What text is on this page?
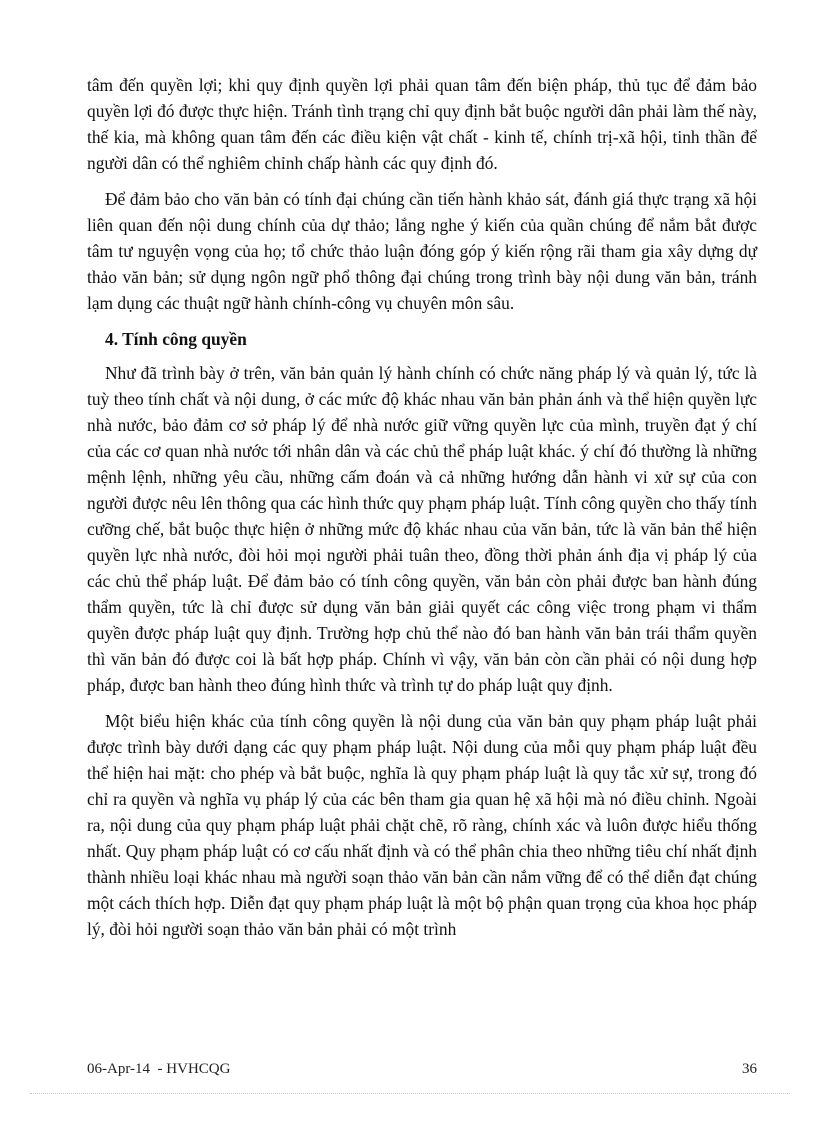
tâm đến quyền lợi; khi quy định quyền lợi phải quan tâm đến biện pháp, thủ tục để đảm bảo quyền lợi đó được thực hiện. Tránh tình trạng chỉ quy định bắt buộc người dân phải làm thế này, thế kia, mà không quan tâm đến các điều kiện vật chất - kinh tế, chính trị-xã hội, tinh thần để người dân có thể nghiêm chỉnh chấp hành các quy định đó.

Để đảm bảo cho văn bản có tính đại chúng cần tiến hành khảo sát, đánh giá thực trạng xã hội liên quan đến nội dung chính của dự thảo; lắng nghe ý kiến của quần chúng để nắm bắt được tâm tư nguyện vọng của họ; tổ chức thảo luận đóng góp ý kiến rộng rãi tham gia xây dựng dự thảo văn bản; sử dụng ngôn ngữ phổ thông đại chúng trong trình bày nội dung văn bản, tránh lạm dụng các thuật ngữ hành chính-công vụ chuyên môn sâu.

4. Tính công quyền

Như đã trình bày ở trên, văn bản quản lý hành chính có chức năng pháp lý và quản lý, tức là tuỳ theo tính chất và nội dung, ở các mức độ khác nhau văn bản phản ánh và thể hiện quyền lực nhà nước, bảo đảm cơ sở pháp lý để nhà nước giữ vững quyền lực của mình, truyền đạt ý chí của các cơ quan nhà nước tới nhân dân và các chủ thể pháp luật khác. ý chí đó thường là những mệnh lệnh, những yêu cầu, những cấm đoán và cả những hướng dẫn hành vi xử sự của con người được nêu lên thông qua các hình thức quy phạm pháp luật. Tính công quyền cho thấy tính cưỡng chế, bắt buộc thực hiện ở những mức độ khác nhau của văn bản, tức là văn bản thể hiện quyền lực nhà nước, đòi hỏi mọi người phải tuân theo, đồng thời phản ánh địa vị pháp lý của các chủ thể pháp luật. Để đảm bảo có tính công quyền, văn bản còn phải được ban hành đúng thẩm quyền, tức là chỉ được sử dụng văn bản giải quyết các công việc trong phạm vi thẩm quyền được pháp luật quy định. Trường hợp chủ thể nào đó ban hành văn bản trái thẩm quyền thì văn bản đó được coi là bất hợp pháp. Chính vì vậy, văn bản còn cần phải có nội dung hợp pháp, được ban hành theo đúng hình thức và trình tự do pháp luật quy định.

Một biểu hiện khác của tính công quyền là nội dung của văn bản quy phạm pháp luật phải được trình bày dưới dạng các quy phạm pháp luật. Nội dung của mỗi quy phạm pháp luật đều thể hiện hai mặt: cho phép và bắt buộc, nghĩa là quy phạm pháp luật là quy tắc xử sự, trong đó chỉ ra quyền và nghĩa vụ pháp lý của các bên tham gia quan hệ xã hội mà nó điều chỉnh. Ngoài ra, nội dung của quy phạm pháp luật phải chặt chẽ, rõ ràng, chính xác và luôn được hiểu thống nhất. Quy phạm pháp luật có cơ cấu nhất định và có thể phân chia theo những tiêu chí nhất định thành nhiều loại khác nhau mà người soạn thảo văn bản cần nắm vững để có thể diễn đạt chúng một cách thích hợp. Diễn đạt quy phạm pháp luật là một bộ phận quan trọng của khoa học pháp lý, đòi hỏi người soạn thảo văn bản phải có một trình

06-Apr-14  - HVHCQG	36
